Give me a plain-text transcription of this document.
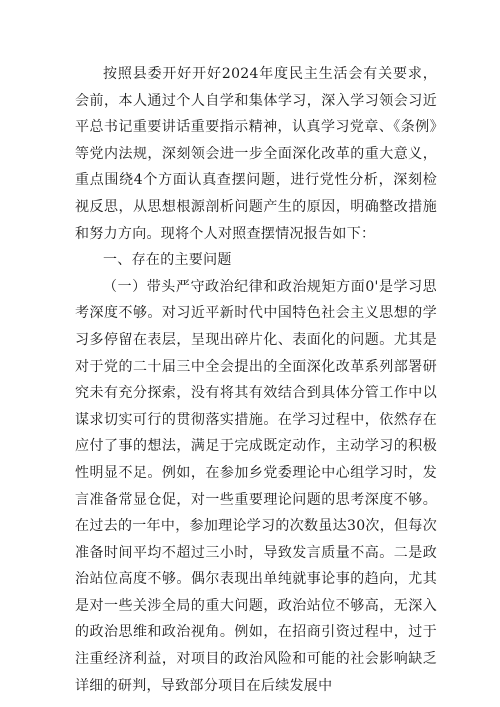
按照县委开好开好2024年度民主生活会有关要求，会前，本人通过个人自学和集体学习，深入学习领会习近平总书记重要讲话重要指示精神，认真学习党章、《条例》等党内法规，深刻领会进一步全面深化改革的重大意义，重点围绕4个方面认真查摆问题，进行党性分析，深刻检视反思，从思想根源剖析问题产生的原因，明确整改措施和努力方向。现将个人对照查摆情况报告如下：

一、存在的主要问题

（一）带头严守政治纪律和政治规矩方面0'是学习思考深度不够。对习近平新时代中国特色社会主义思想的学习多停留在表层，呈现出碎片化、表面化的问题。尤其是对于党的二十届三中全会提出的全面深化改革系列部署研究未有充分探索，没有将其有效结合到具体分管工作中以谋求切实可行的贯彻落实措施。在学习过程中，依然存在应付了事的想法，满足于完成既定动作，主动学习的积极性明显不足。例如，在参加乡党委理论中心组学习时，发言准备常显仓促，对一些重要理论问题的思考深度不够。在过去的一年中，参加理论学习的次数虽达30次，但每次准备时间平均不超过三小时，导致发言质量不高。二是政治站位高度不够。偶尔表现出单纯就事论事的趋向，尤其是对一些关涉全局的重大问题，政治站位不够高，无深入的政治思维和政治视角。例如，在招商引资过程中，过于注重经济利益，对项目的政治风险和可能的社会影响缺乏详细的研判，导致部分项目在后续发展中
